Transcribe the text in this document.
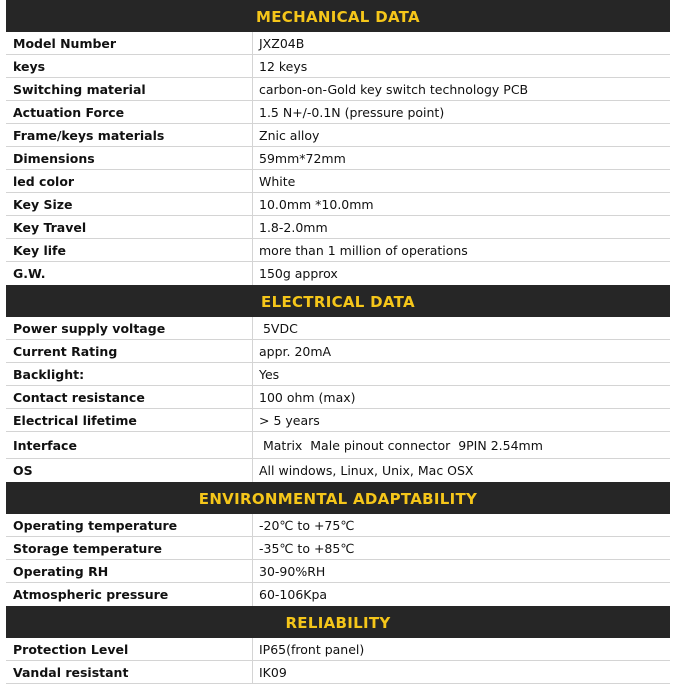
MECHANICAL DATA
Model Number	JXZ04B
keys	12 keys
Switching material	carbon-on-Gold key switch technology PCB
Actuation Force	1.5 N+/-0.1N (pressure point)
Frame/keys materials	Znic alloy
Dimensions	59mm*72mm
led color	White
Key Size	10.0mm *10.0mm
Key Travel	1.8-2.0mm
Key life	more than 1 million of operations
G.W.	150g approx
ELECTRICAL DATA
Power supply voltage	5VDC
Current Rating	appr. 20mA
Backlight:	Yes
Contact resistance	100 ohm (max)
Electrical lifetime	> 5 years
Interface	Matrix  Male pinout connector  9PIN 2.54mm
OS	All windows, Linux, Unix, Mac OSX
ENVIRONMENTAL ADAPTABILITY
Operating temperature	-20℃ to +75℃
Storage temperature	-35℃ to +85℃
Operating RH	30-90%RH
Atmospheric pressure	60-106Kpa
RELIABILITY
Protection Level	IP65(front panel)
Vandal resistant	IK09
